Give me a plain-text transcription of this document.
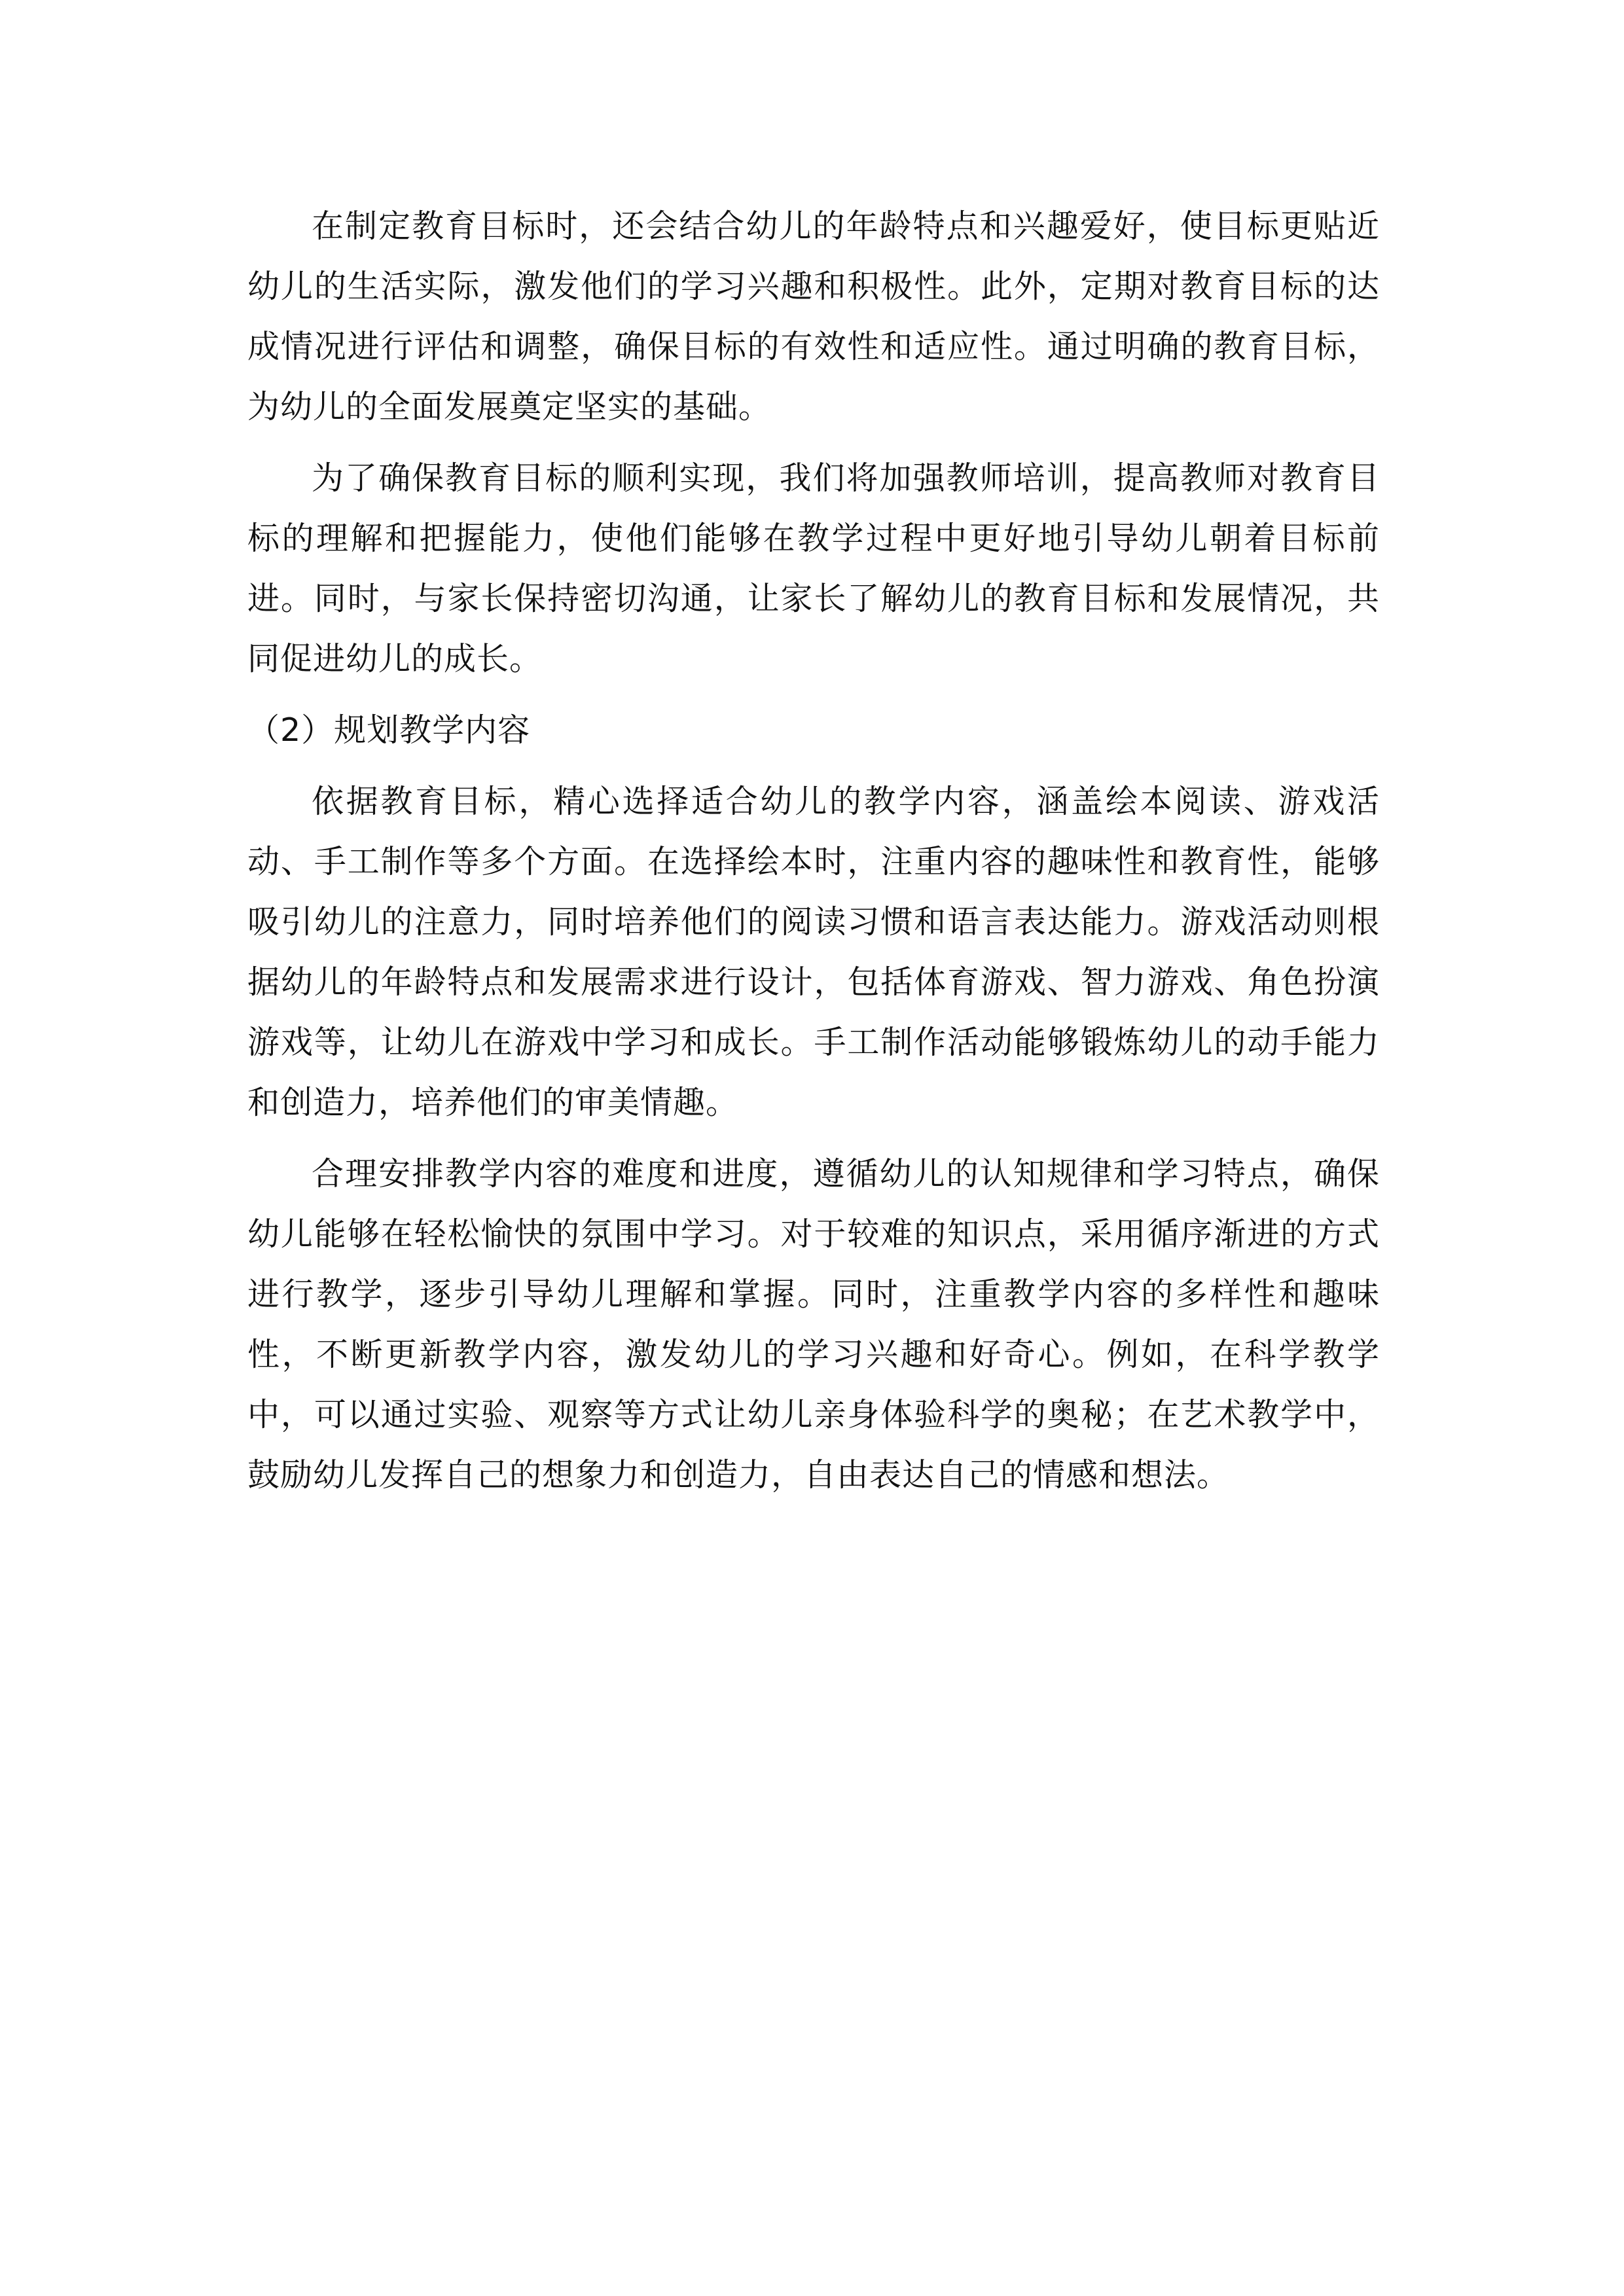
在制定教育目标时，还会结合幼儿的年龄特点和兴趣爱好，使目标更贴近幼儿的生活实际，激发他们的学习兴趣和积极性。此外，定期对教育目标的达成情况进行评估和调整，确保目标的有效性和适应性。通过明确的教育目标，为幼儿的全面发展奠定坚实的基础。

为了确保教育目标的顺利实现，我们将加强教师培训，提高教师对教育目标的理解和把握能力，使他们能够在教学过程中更好地引导幼儿朝着目标前进。同时，与家长保持密切沟通，让家长了解幼儿的教育目标和发展情况，共同促进幼儿的成长。

（2）规划教学内容

依据教育目标，精心选择适合幼儿的教学内容，涵盖绘本阅读、游戏活动、手工制作等多个方面。在选择绘本时，注重内容的趣味性和教育性，能够吸引幼儿的注意力，同时培养他们的阅读习惯和语言表达能力。游戏活动则根据幼儿的年龄特点和发展需求进行设计，包括体育游戏、智力游戏、角色扮演游戏等，让幼儿在游戏中学习和成长。手工制作活动能够锻炼幼儿的动手能力和创造力，培养他们的审美情趣。

合理安排教学内容的难度和进度，遵循幼儿的认知规律和学习特点，确保幼儿能够在轻松愉快的氛围中学习。对于较难的知识点，采用循序渐进的方式进行教学，逐步引导幼儿理解和掌握。同时，注重教学内容的多样性和趣味性，不断更新教学内容，激发幼儿的学习兴趣和好奇心。例如，在科学教学中，可以通过实验、观察等方式让幼儿亲身体验科学的奥秘；在艺术教学中，鼓励幼儿发挥自己的想象力和创造力，自由表达自己的情感和想法。
